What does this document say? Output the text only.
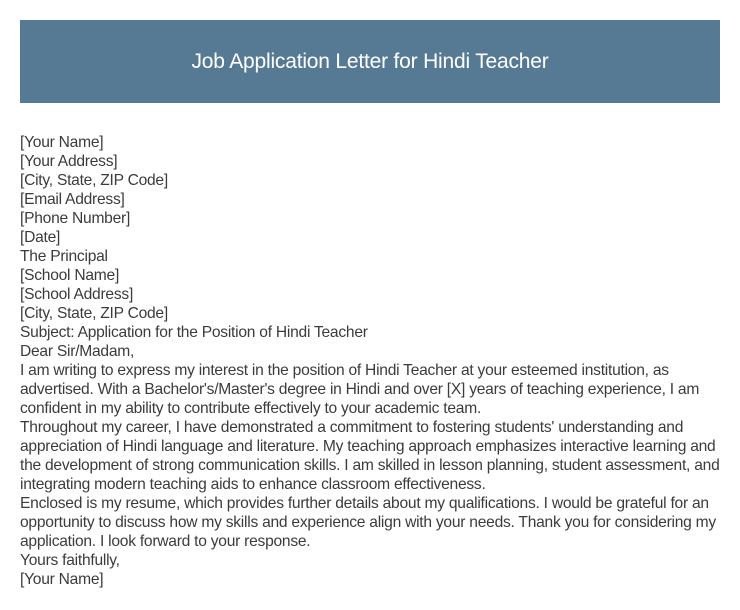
Job Application Letter for Hindi Teacher

[Your Name]

[Your Address]

[City, State, ZIP Code]

[Email Address]

[Phone Number]

[Date]

The Principal

[School Name]

[School Address]

[City, State, ZIP Code]

Subject: Application for the Position of Hindi Teacher

Dear Sir/Madam,

I am writing to express my interest in the position of Hindi Teacher at your esteemed institution, as advertised. With a Bachelor's/Master's degree in Hindi and over [X] years of teaching experience, I am confident in my ability to contribute effectively to your academic team.

Throughout my career, I have demonstrated a commitment to fostering students' understanding and appreciation of Hindi language and literature. My teaching approach emphasizes interactive learning and the development of strong communication skills. I am skilled in lesson planning, student assessment, and integrating modern teaching aids to enhance classroom effectiveness.

Enclosed is my resume, which provides further details about my qualifications. I would be grateful for an opportunity to discuss how my skills and experience align with your needs. Thank you for considering my application. I look forward to your response.

Yours faithfully,

[Your Name]
